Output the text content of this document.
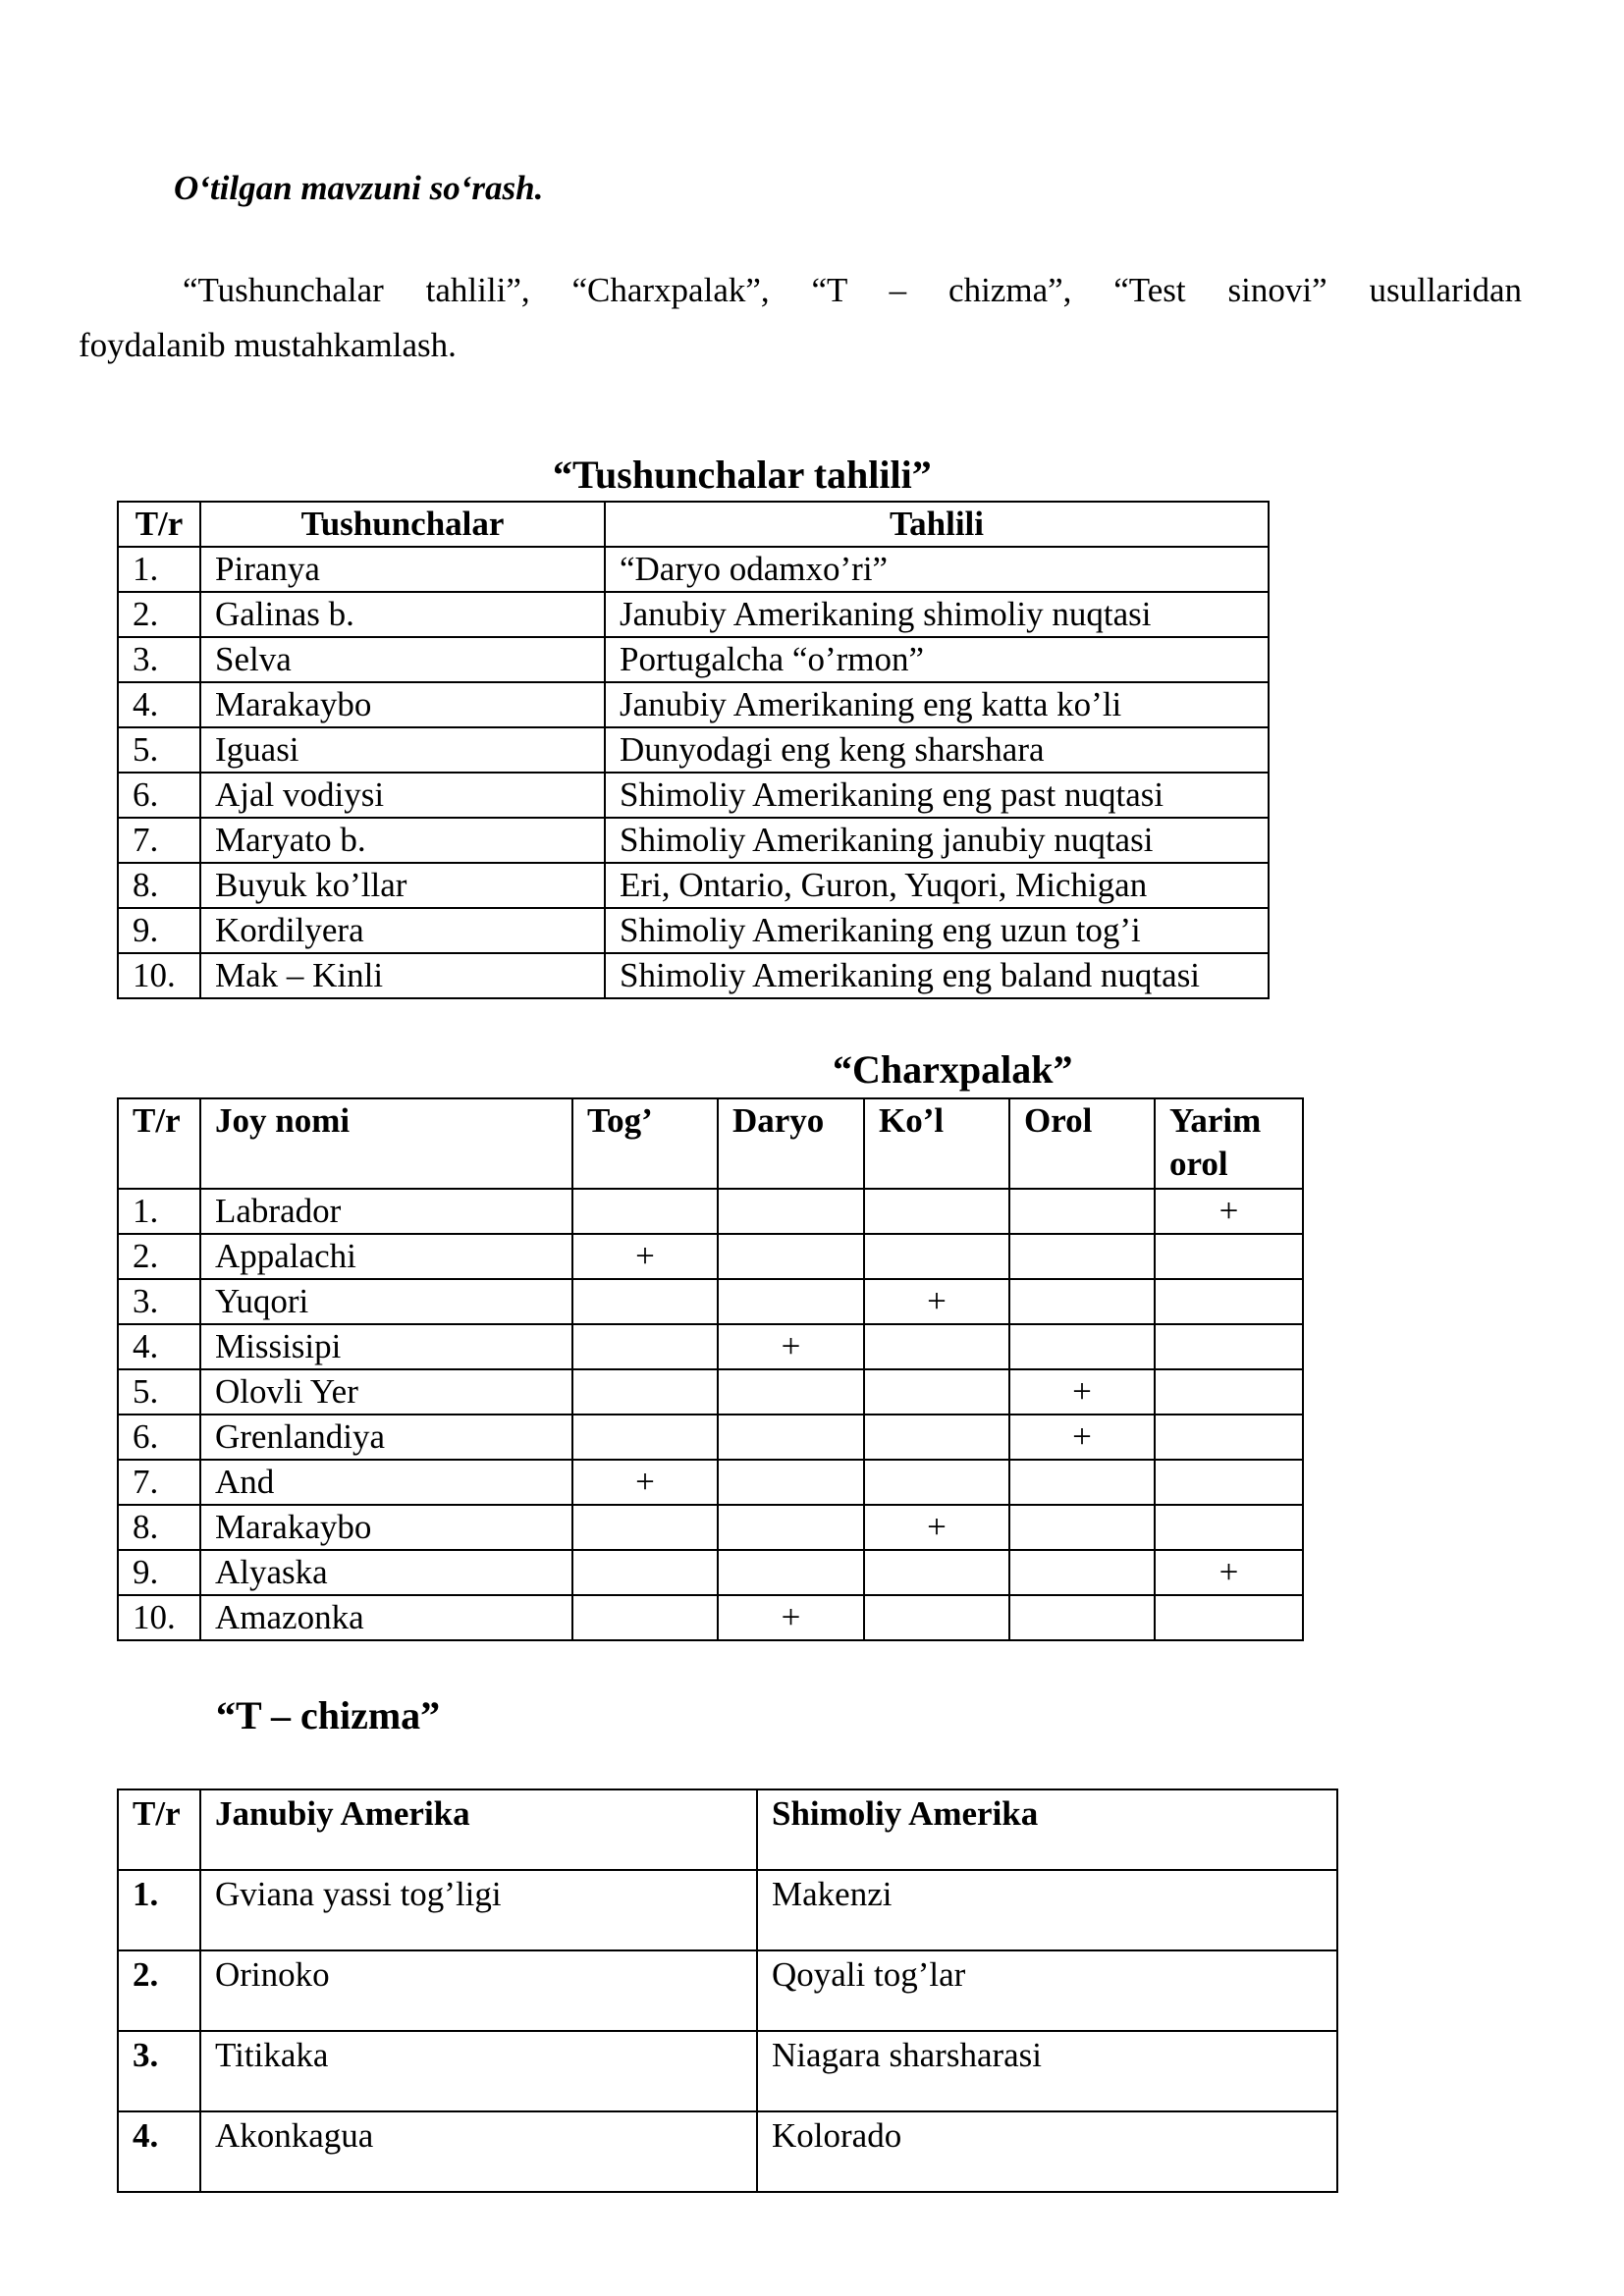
O‘tilgan mavzuni so‘rash.
“Tushunchalar tahlili”, “Charxpalak”, “T – chizma”, “Test sinovi” usullaridan
foydalanib mustahkamlash.
“Tushunchalar tahlili”
T/r	Tushunchalar	Tahlili
1.	Piranya	“Daryo odamxo’ri”
2.	Galinas b.	Janubiy Amerikaning shimoliy nuqtasi
3.	Selva	Portugalcha “o’rmon”
4.	Marakaybo	Janubiy Amerikaning eng katta ko’li
5.	Iguasi	Dunyodagi eng keng sharshara
6.	Ajal vodiysi	Shimoliy Amerikaning eng past nuqtasi
7.	Maryato b.	Shimoliy Amerikaning janubiy nuqtasi
8.	Buyuk ko’llar	Eri, Ontario, Guron, Yuqori, Michigan
9.	Kordilyera	Shimoliy Amerikaning eng uzun tog’i
10.	Mak – Kinli	Shimoliy Amerikaning eng baland nuqtasi
“Charxpalak”
T/r	Joy nomi	Tog’	Daryo	Ko’l	Orol	Yarim orol
1.	Labrador					+
2.	Appalachi	+				
3.	Yuqori			+		
4.	Missisipi		+			
5.	Olovli Yer				+	
6.	Grenlandiya				+	
7.	And	+				
8.	Marakaybo			+		
9.	Alyaska					+
10.	Amazonka		+			
“T – chizma”
T/r	Janubiy Amerika	Shimoliy Amerika
1.	Gviana yassi tog’ligi	Makenzi
2.	Orinoko	Qoyali tog’lar
3.	Titikaka	Niagara sharsharasi
4.	Akonkagua	Kolorado
